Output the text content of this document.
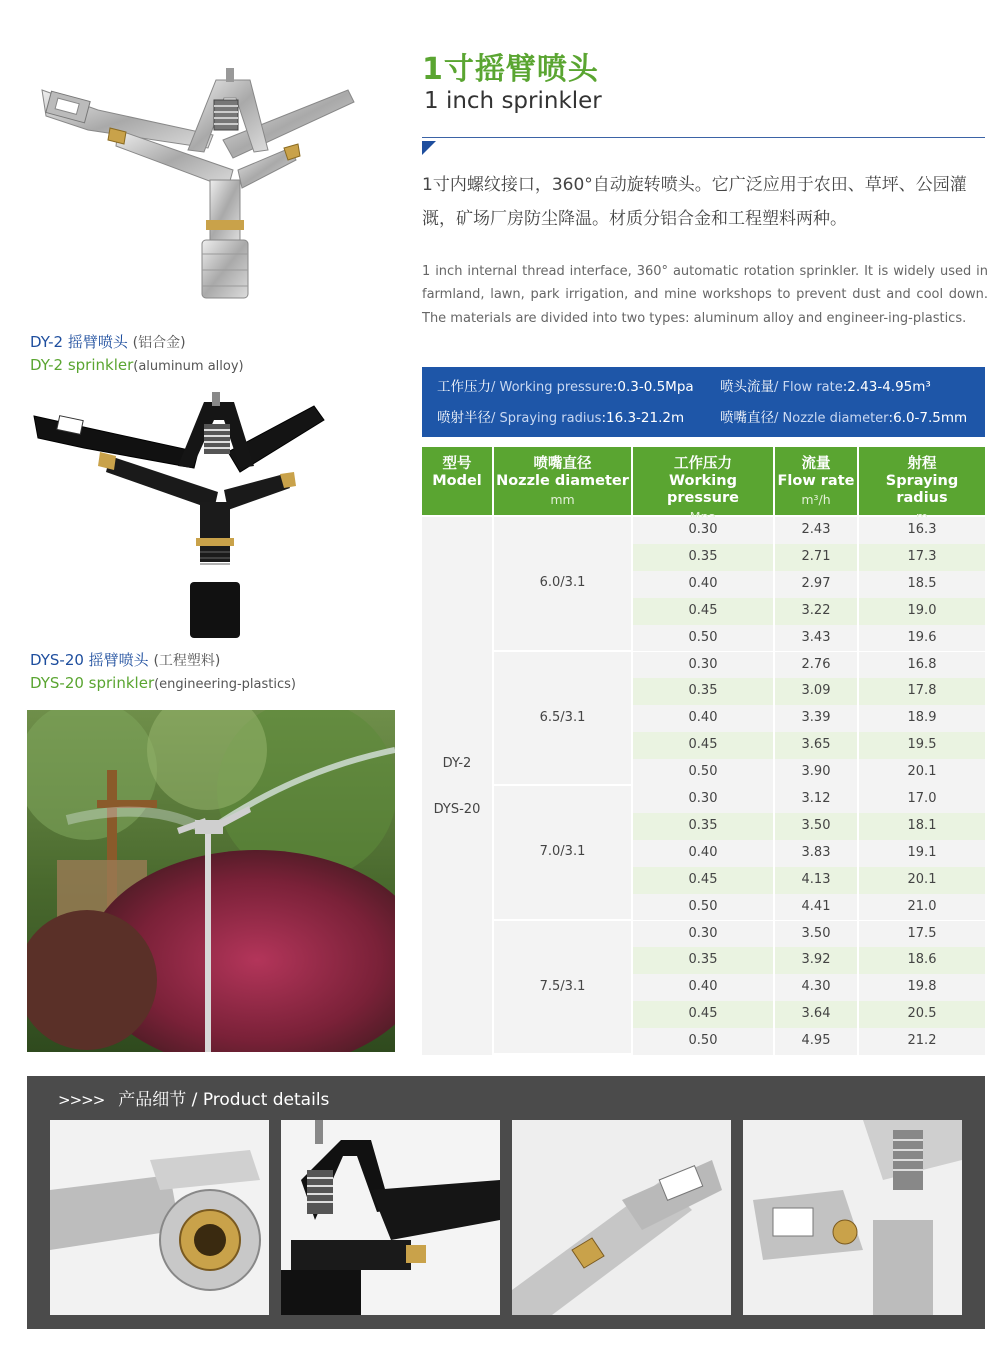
DY-2 摇臂喷头 (铝合金)
DY-2 sprinkler(aluminum alloy)
DYS-20 摇臂喷头 (工程塑料)
DYS-20 sprinkler(engineering-plastics)
1寸摇臂喷头
1 inch sprinkler
1寸内螺纹接口，360°自动旋转喷头。它广泛应用于农田、草坪、公园灌溉，矿场厂房防尘降温。材质分铝合金和工程塑料两种。
1 inch internal thread interface, 360° automatic rotation sprinkler. It is widely used in farmland, lawn, park irrigation, and mine workshops to prevent dust and cool down. The materials are divided into two types: aluminum alloy and engineer-ing-plastics.
工作压力/ Working pressure:0.3-0.5Mpa 喷头流量/ Flow rate:2.43-4.95m³
喷射半径/ Spraying radius:16.3-21.2m	喷嘴直径/ Nozzle diameter:6.0-7.5mm
型号
Model
喷嘴直径
Nozzle diameter
mm
工作压力
Working pressure
流量
Flow rate
m³/h
射程
Spraying radius
DY-2
DYS-20
6.0/3.1
0.30	2.43	16.3
0.35	2.71	17.3
0.40	2.97	18.5
0.45	3.22	19.0
0.50	3.43	19.6
6.5/3.1
0.30	2.76	16.8
0.35	3.09	17.8
0.40	3.39	18.9
0.45	3.65	19.5
0.50	3.90	20.1
7.0/3.1
0.30	3.12	17.0
0.35	3.50	18.1
0.40	3.83	19.1
0.45	4.13	20.1
0.50	4.41	21.0
7.5/3.1
0.30	3.50	17.5
0.35	3.92	18.6
0.40	4.30	19.8
0.45	3.64	20.5
0.50	4.95	21.2
>>>> 产品细节 / Product details
